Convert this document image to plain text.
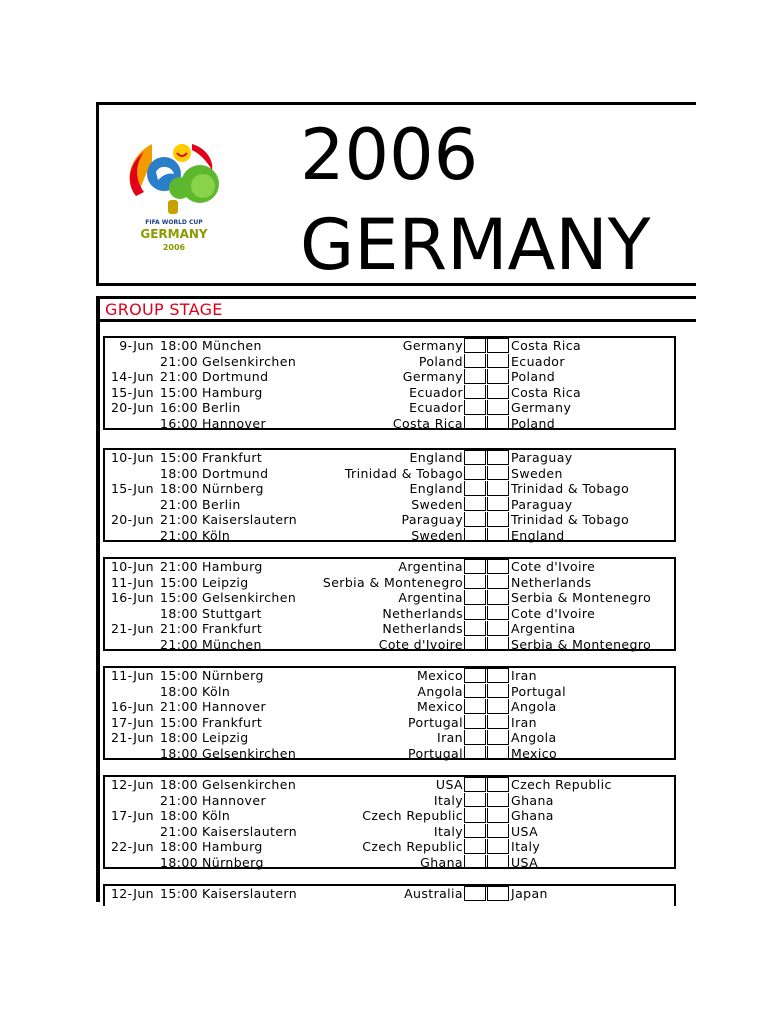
FIFA WORLD CUP
GERMANY
2006
2006
GERMANY
GROUP STAGE
9-Jun 18:00 München	Germany	Costa Rica
21:00 Gelsenkirchen	Poland	Ecuador
14-Jun 21:00 Dortmund	Germany	Poland
15-Jun 15:00 Hamburg	Ecuador	Costa Rica
20-Jun 16:00 Berlin	Ecuador	Germany
16:00 Hannover	Costa Rica	Poland
10-Jun 15:00 Frankfurt	England	Paraguay
18:00 Dortmund	Trinidad & Tobago	Sweden
15-Jun 18:00 Nürnberg	England	Trinidad & Tobago
21:00 Berlin	Sweden	Paraguay
20-Jun 21:00 Kaiserslautern	Paraguay	Trinidad & Tobago
21:00 Köln	Sweden	England
10-Jun 21:00 Hamburg	Argentina	Cote d'Ivoire
11-Jun 15:00 Leipzig	Serbia & Montenegro	Netherlands
16-Jun 15:00 Gelsenkirchen	Argentina	Serbia & Montenegro
18:00 Stuttgart	Netherlands	Cote d'Ivoire
21-Jun 21:00 Frankfurt	Netherlands	Argentina
21:00 München	Cote d'Ivoire	Serbia & Montenegro
11-Jun 15:00 Nürnberg	Mexico	Iran
18:00 Köln	Angola	Portugal
16-Jun 21:00 Hannover	Mexico	Angola
17-Jun 15:00 Frankfurt	Portugal	Iran
21-Jun 18:00 Leipzig	Iran	Angola
18:00 Gelsenkirchen	Portugal	Mexico
12-Jun 18:00 Gelsenkirchen	USA	Czech Republic
21:00 Hannover	Italy	Ghana
17-Jun 18:00 Köln	Czech Republic	Ghana
21:00 Kaiserslautern	Italy	USA
22-Jun 18:00 Hamburg	Czech Republic	Italy
18:00 Nürnberg	Ghana	USA
12-Jun 15:00 Kaiserslautern	Australia	Japan
